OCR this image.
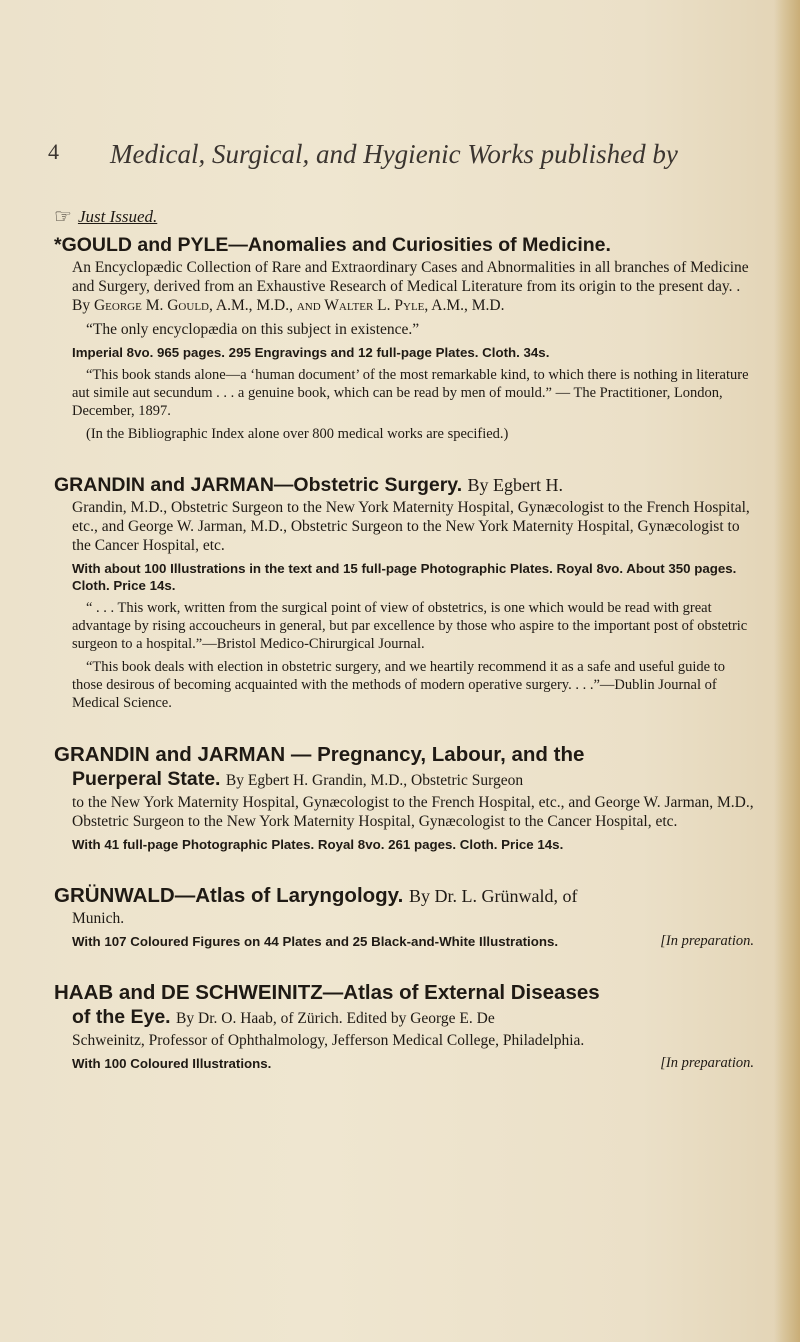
4 Medical, Surgical, and Hygienic Works published by
☞ Just Issued.

*GOULD and PYLE—Anomalies and Curiosities of Medicine.

An Encyclopædic Collection of Rare and Extraordinary Cases and Abnormalities in all branches of Medicine and Surgery, derived from an Exhaustive Research of Medical Literature from its origin to the present day. . By George M. Gould, A.M., M.D., and Walter L. Pyle, A.M., M.D.

“The only encyclopædia on this subject in existence.”

Imperial 8vo. 965 pages. 295 Engravings and 12 full-page Plates. Cloth. 34s.

“This book stands alone—a ‘human document’ of the most remarkable kind, to which there is nothing in literature aut simile aut secundum . . . a genuine book, which can be read by men of mould.” — The Practitioner, London, December, 1897.

(In the Bibliographic Index alone over 800 medical works are specified.)

GRANDIN and JARMAN—Obstetric Surgery. By Egbert H.

Grandin, M.D., Obstetric Surgeon to the New York Maternity Hospital, Gynæcologist to the French Hospital, etc., and George W. Jarman, M.D., Obstetric Surgeon to the New York Maternity Hospital, Gynæcologist to the Cancer Hospital, etc.

With about 100 Illustrations in the text and 15 full-page Photographic Plates. Royal 8vo. About 350 pages. Cloth. Price 14s.

“ . . . This work, written from the surgical point of view of obstetrics, is one which would be read with great advantage by rising accoucheurs in general, but par excellence by those who aspire to the important post of obstetric surgeon to a hospital.”—Bristol Medico-Chirurgical Journal.

“This book deals with election in obstetric surgery, and we heartily recommend it as a safe and useful guide to those desirous of becoming acquainted with the methods of modern operative surgery. . . .”—Dublin Journal of Medical Science.

GRANDIN and JARMAN — Pregnancy, Labour, and the

Puerperal State. By Egbert H. Grandin, M.D., Obstetric Surgeon

to the New York Maternity Hospital, Gynæcologist to the French Hospital, etc., and George W. Jarman, M.D., Obstetric Surgeon to the New York Maternity Hospital, Gynæcologist to the Cancer Hospital, etc.

With 41 full-page Photographic Plates. Royal 8vo. 261 pages. Cloth. Price 14s.

GRÜNWALD—Atlas of Laryngology. By Dr. L. Grünwald, of

Munich.

With 107 Coloured Figures on 44 Plates and 25 Black-and-White Illustrations.	[In preparation.

HAAB and DE SCHWEINITZ—Atlas of External Diseases

of the Eye. By Dr. O. Haab, of Zürich. Edited by George E. De

Schweinitz, Professor of Ophthalmology, Jefferson Medical College, Philadelphia.

With 100 Coloured Illustrations.	[In preparation.
